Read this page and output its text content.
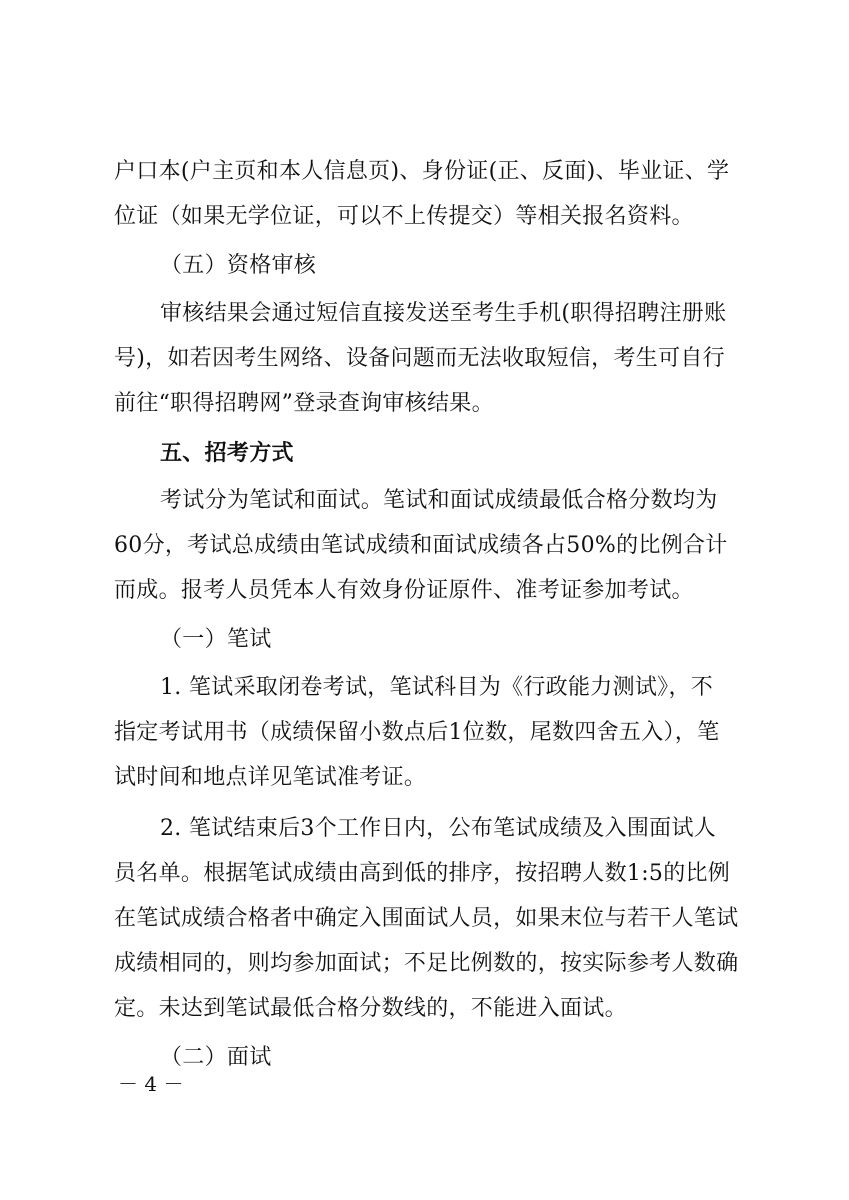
户口本(户主页和本人信息页)、身份证(正、反面)、毕业证、学
位证（如果无学位证，可以不上传提交）等相关报名资料。
（五）资格审核
审核结果会通过短信直接发送至考生手机(职得招聘注册账
号)，如若因考生网络、设备问题而无法收取短信，考生可自行
前往“职得招聘网”登录查询审核结果。
五、招考方式
考试分为笔试和面试。笔试和面试成绩最低合格分数均为
60分，考试总成绩由笔试成绩和面试成绩各占50%的比例合计
而成。报考人员凭本人有效身份证原件、准考证参加考试。
（一）笔试
1. 笔试采取闭卷考试，笔试科目为《行政能力测试》，不
指定考试用书（成绩保留小数点后1位数，尾数四舍五入），笔
试时间和地点详见笔试准考证。
2. 笔试结束后3个工作日内，公布笔试成绩及入围面试人
员名单。根据笔试成绩由高到低的排序，按招聘人数1:5的比例
在笔试成绩合格者中确定入围面试人员，如果末位与若干人笔试
成绩相同的，则均参加面试；不足比例数的，按实际参考人数确
定。未达到笔试最低合格分数线的，不能进入面试。
（二）面试
－ 4 －
